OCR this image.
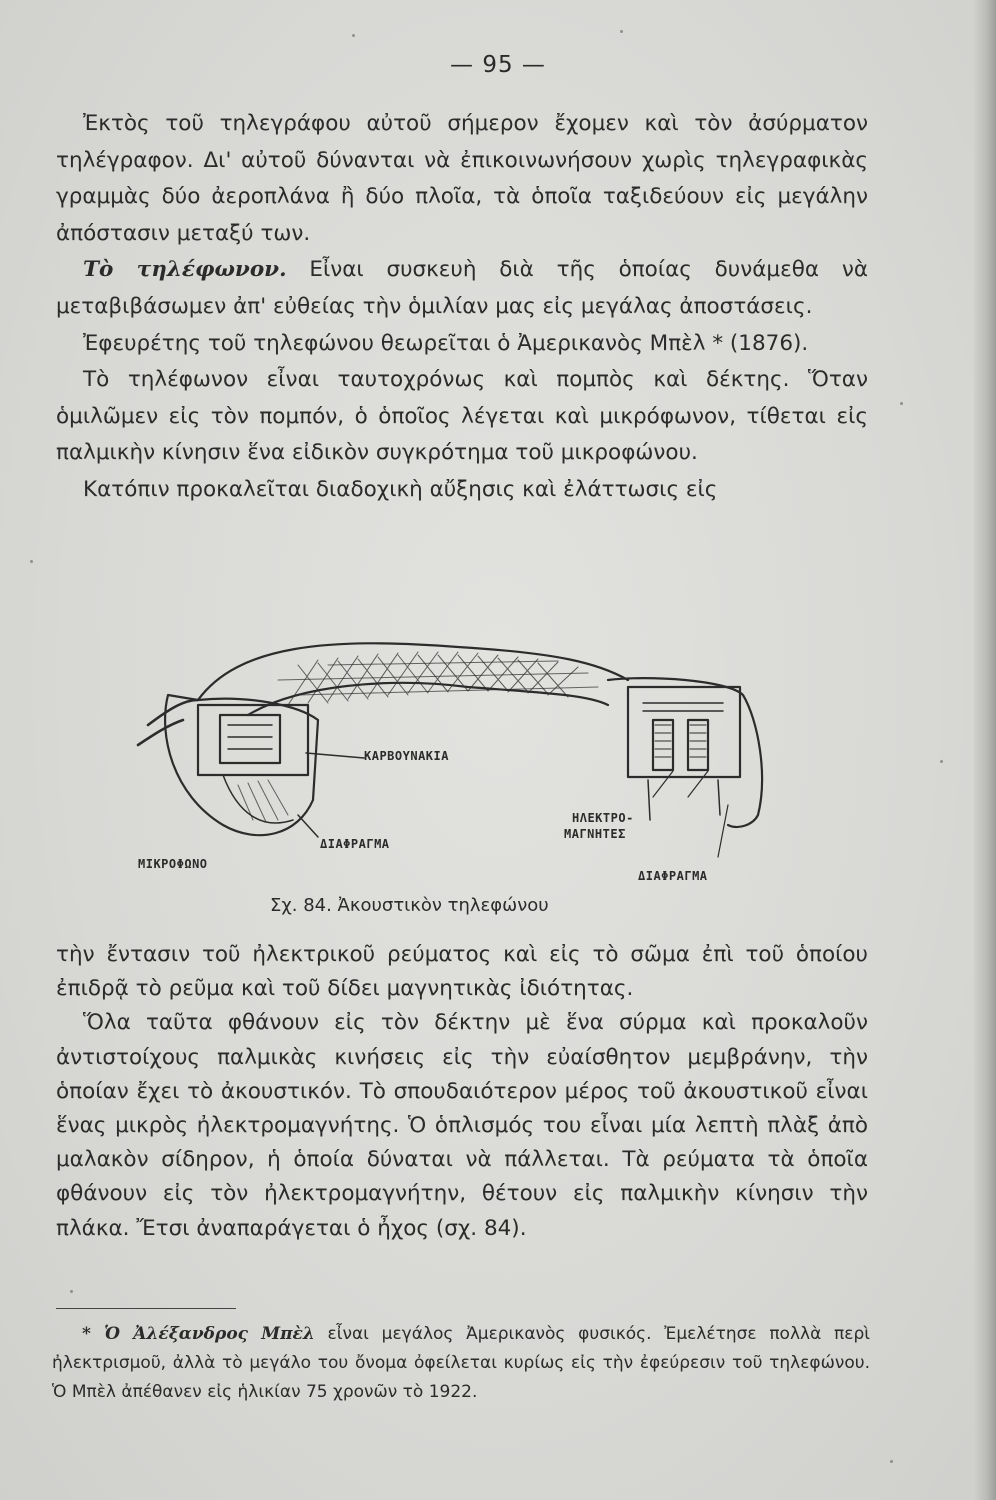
— 95 —

Ἐκτὸς τοῦ τηλεγράφου αὐτοῦ σήμερον ἔχομεν καὶ τὸν ἀσύρματον τηλέγραφον. Δι' αὐτοῦ δύνανται νὰ ἐπικοινωνήσουν χωρὶς τηλεγραφικὰς γραμμὰς δύο ἀεροπλάνα ἢ δύο πλοῖα, τὰ ὁποῖα ταξιδεύουν εἰς μεγάλην ἀπόστασιν μεταξύ των.

Τὸ τηλέφωνον. Εἶναι συσκευὴ διὰ τῆς ὁποίας δυνάμεθα νὰ μεταβιβάσωμεν ἀπ' εὐθείας τὴν ὁμιλίαν μας εἰς μεγάλας ἀποστάσεις.

Ἐφευρέτης τοῦ τηλεφώνου θεωρεῖται ὁ Ἀμερικανὸς Μπὲλ * (1876).

Τὸ τηλέφωνον εἶναι ταυτοχρόνως καὶ πομπὸς καὶ δέκτης. Ὅταν ὁμιλῶμεν εἰς τὸν πομπόν, ὁ ὁποῖος λέγεται καὶ μικρόφωνον, τίθεται εἰς παλμικὴν κίνησιν ἕνα εἰδικὸν συγκρότημα τοῦ μικροφώνου.

Κατόπιν προκαλεῖται διαδοχικὴ αὔξησις καὶ ἐλάττωσις εἰς

ΚΑΡΒΟΥΝΑΚΙΑ
ΔΙΑΦΡΑΓΜΑ
ΜΙΚΡΟΦΩΝΟ
ΗΛΕΚΤΡΟ-
ΜΑΓΝΗΤΕΣ
ΔΙΑΦΡΑΓΜΑ
Σχ. 84. Ἀκουστικὸν τηλεφώνου

τὴν ἔντασιν τοῦ ἠλεκτρικοῦ ρεύματος καὶ εἰς τὸ σῶμα ἐπὶ τοῦ ὁποίου ἐπιδρᾷ τὸ ρεῦμα καὶ τοῦ δίδει μαγνητικὰς ἰδιότητας.

Ὅλα ταῦτα φθάνουν εἰς τὸν δέκτην μὲ ἕνα σύρμα καὶ προκαλοῦν ἀντιστοίχους παλμικὰς κινήσεις εἰς τὴν εὐαίσθητον μεμβράνην, τὴν ὁποίαν ἔχει τὸ ἀκουστικόν. Τὸ σπουδαιότερον μέρος τοῦ ἀκουστικοῦ εἶναι ἕνας μικρὸς ἠλεκτρομαγνήτης. Ὁ ὁπλισμός του εἶναι μία λεπτὴ πλὰξ ἀπὸ μαλακὸν σίδηρον, ἡ ὁποία δύναται νὰ πάλλεται. Τὰ ρεύματα τὰ ὁποῖα φθάνουν εἰς τὸν ἠλεκτρομαγνήτην, θέτουν εἰς παλμικὴν κίνησιν τὴν πλάκα. Ἔτσι ἀναπαράγεται ὁ ἦχος (σχ. 84).

* Ὁ Ἀλέξανδρος Μπὲλ εἶναι μεγάλος Ἀμερικανὸς φυσικός. Ἐμελέτησε πολλὰ περὶ ἠλεκτρισμοῦ, ἀλλὰ τὸ μεγάλο του ὄνομα ὀφείλεται κυρίως εἰς τὴν ἐφεύρεσιν τοῦ τηλεφώνου. Ὁ Μπὲλ ἀπέθανεν εἰς ἡλικίαν 75 χρονῶν τὸ 1922.
